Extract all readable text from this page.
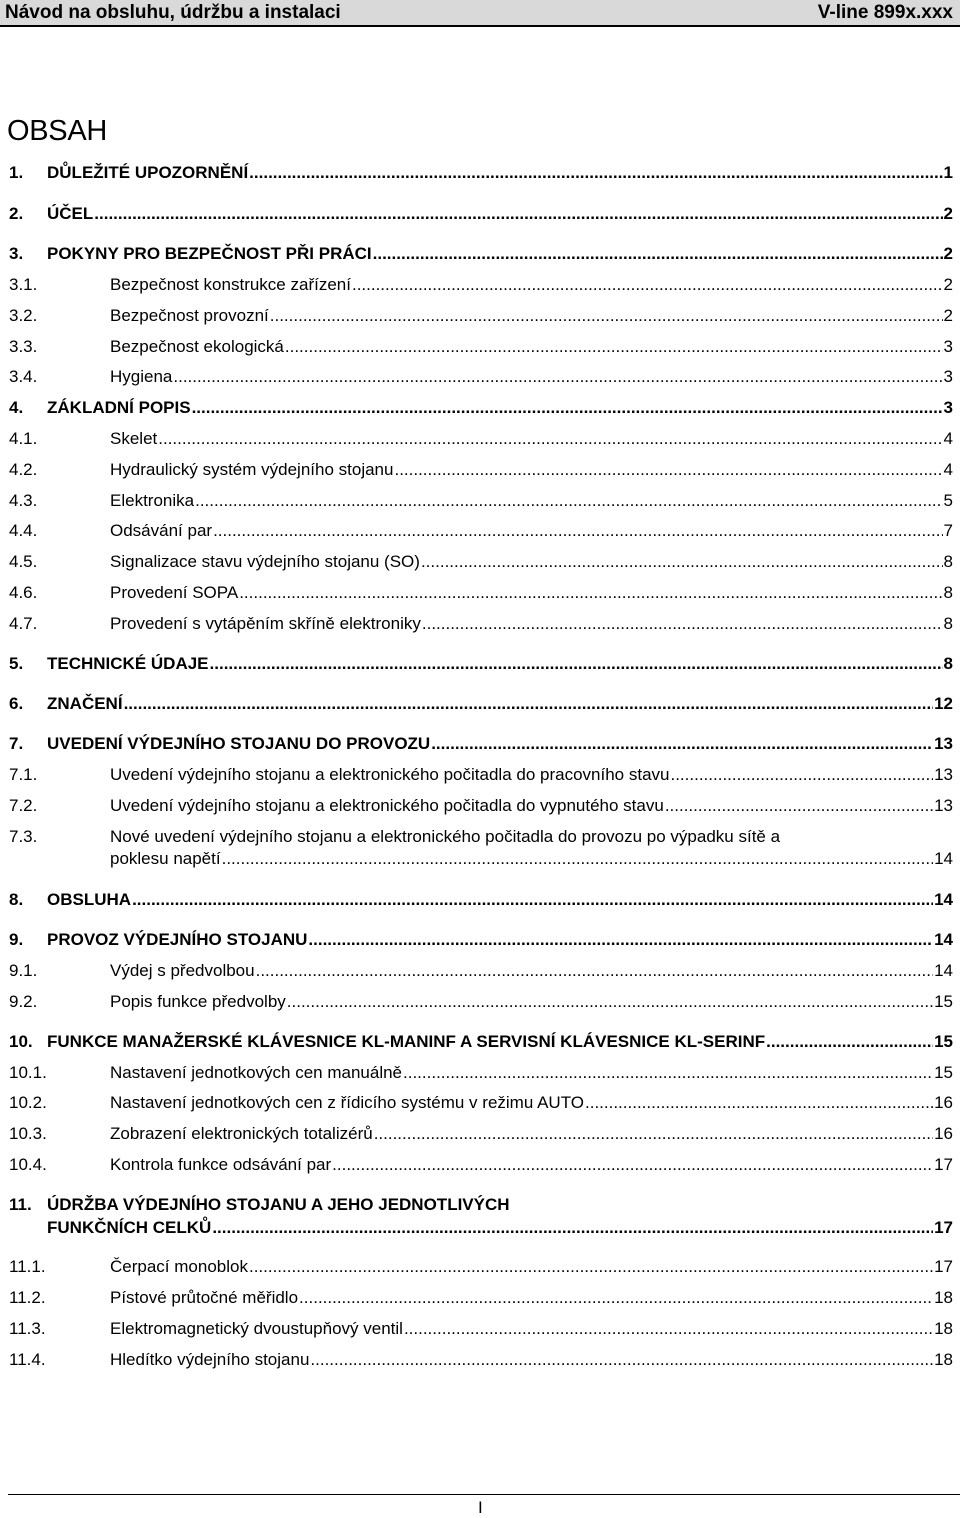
Návod na obsluhu, údržbu a instalaci	V-line 899x.xxx
OBSAH
1. DŮLEŽITÉ UPOZORNĚNÍ .....	1
2. ÚČEL .....	2
3. POKYNY PRO BEZPEČNOST PŘI PRÁCI .....	2
3.1.	Bezpečnost konstrukce zařízení .....	2
3.2.	Bezpečnost provozní .....	2
3.3.	Bezpečnost ekologická .....	3
3.4.	Hygiena .....	3
4. ZÁKLADNÍ POPIS .....	3
4.1.	Skelet .....	4
4.2.	Hydraulický systém výdejního stojanu .....	4
4.3.	Elektronika .....	5
4.4.	Odsávání par .....	7
4.5.	Signalizace stavu výdejního stojanu (SO) .....	8
4.6.	Provedení SOPA .....	8
4.7.	Provedení s vytápěním skříně elektroniky .....	8
5. TECHNICKÉ ÚDAJE .....	8
6. ZNAČENÍ .....	12
7. UVEDENÍ VÝDEJNÍHO STOJANU DO PROVOZU .....	13
7.1.	Uvedení výdejního stojanu a elektronického počitadla do pracovního stavu .....	13
7.2.	Uvedení výdejního stojanu a elektronického počitadla do vypnutého stavu .....	13
7.3.	Nové uvedení výdejního stojanu a elektronického počitadla do provozu po výpadku sítě a
poklesu napětí .....	14
8. OBSLUHA .....	14
9. PROVOZ VÝDEJNÍHO STOJANU .....	14
9.1.	Výdej s předvolbou .....	14
9.2.	Popis funkce předvolby .....	15
10. FUNKCE MANAŽERSKÉ KLÁVESNICE KL-MANINF A SERVISNÍ KLÁVESNICE KL-SERINF .....	15
10.1.	Nastavení jednotkových cen manuálně .....	15
10.2.	Nastavení jednotkových cen z řídicího systému v režimu AUTO .....	16
10.3.	Zobrazení elektronických totalizérů .....	16
10.4.	Kontrola funkce odsávání par .....	17
11. ÚDRŽBA VÝDEJNÍHO STOJANU A JEHO JEDNOTLIVÝCH
FUNKČNÍCH CELKŮ .....	17
11.1.	Čerpací monoblok .....	17
11.2.	Pístové průtočné měřidlo .....	18
11.3.	Elektromagnetický dvoustupňový ventil .....	18
11.4.	Hledítko výdejního stojanu .....	18
I
